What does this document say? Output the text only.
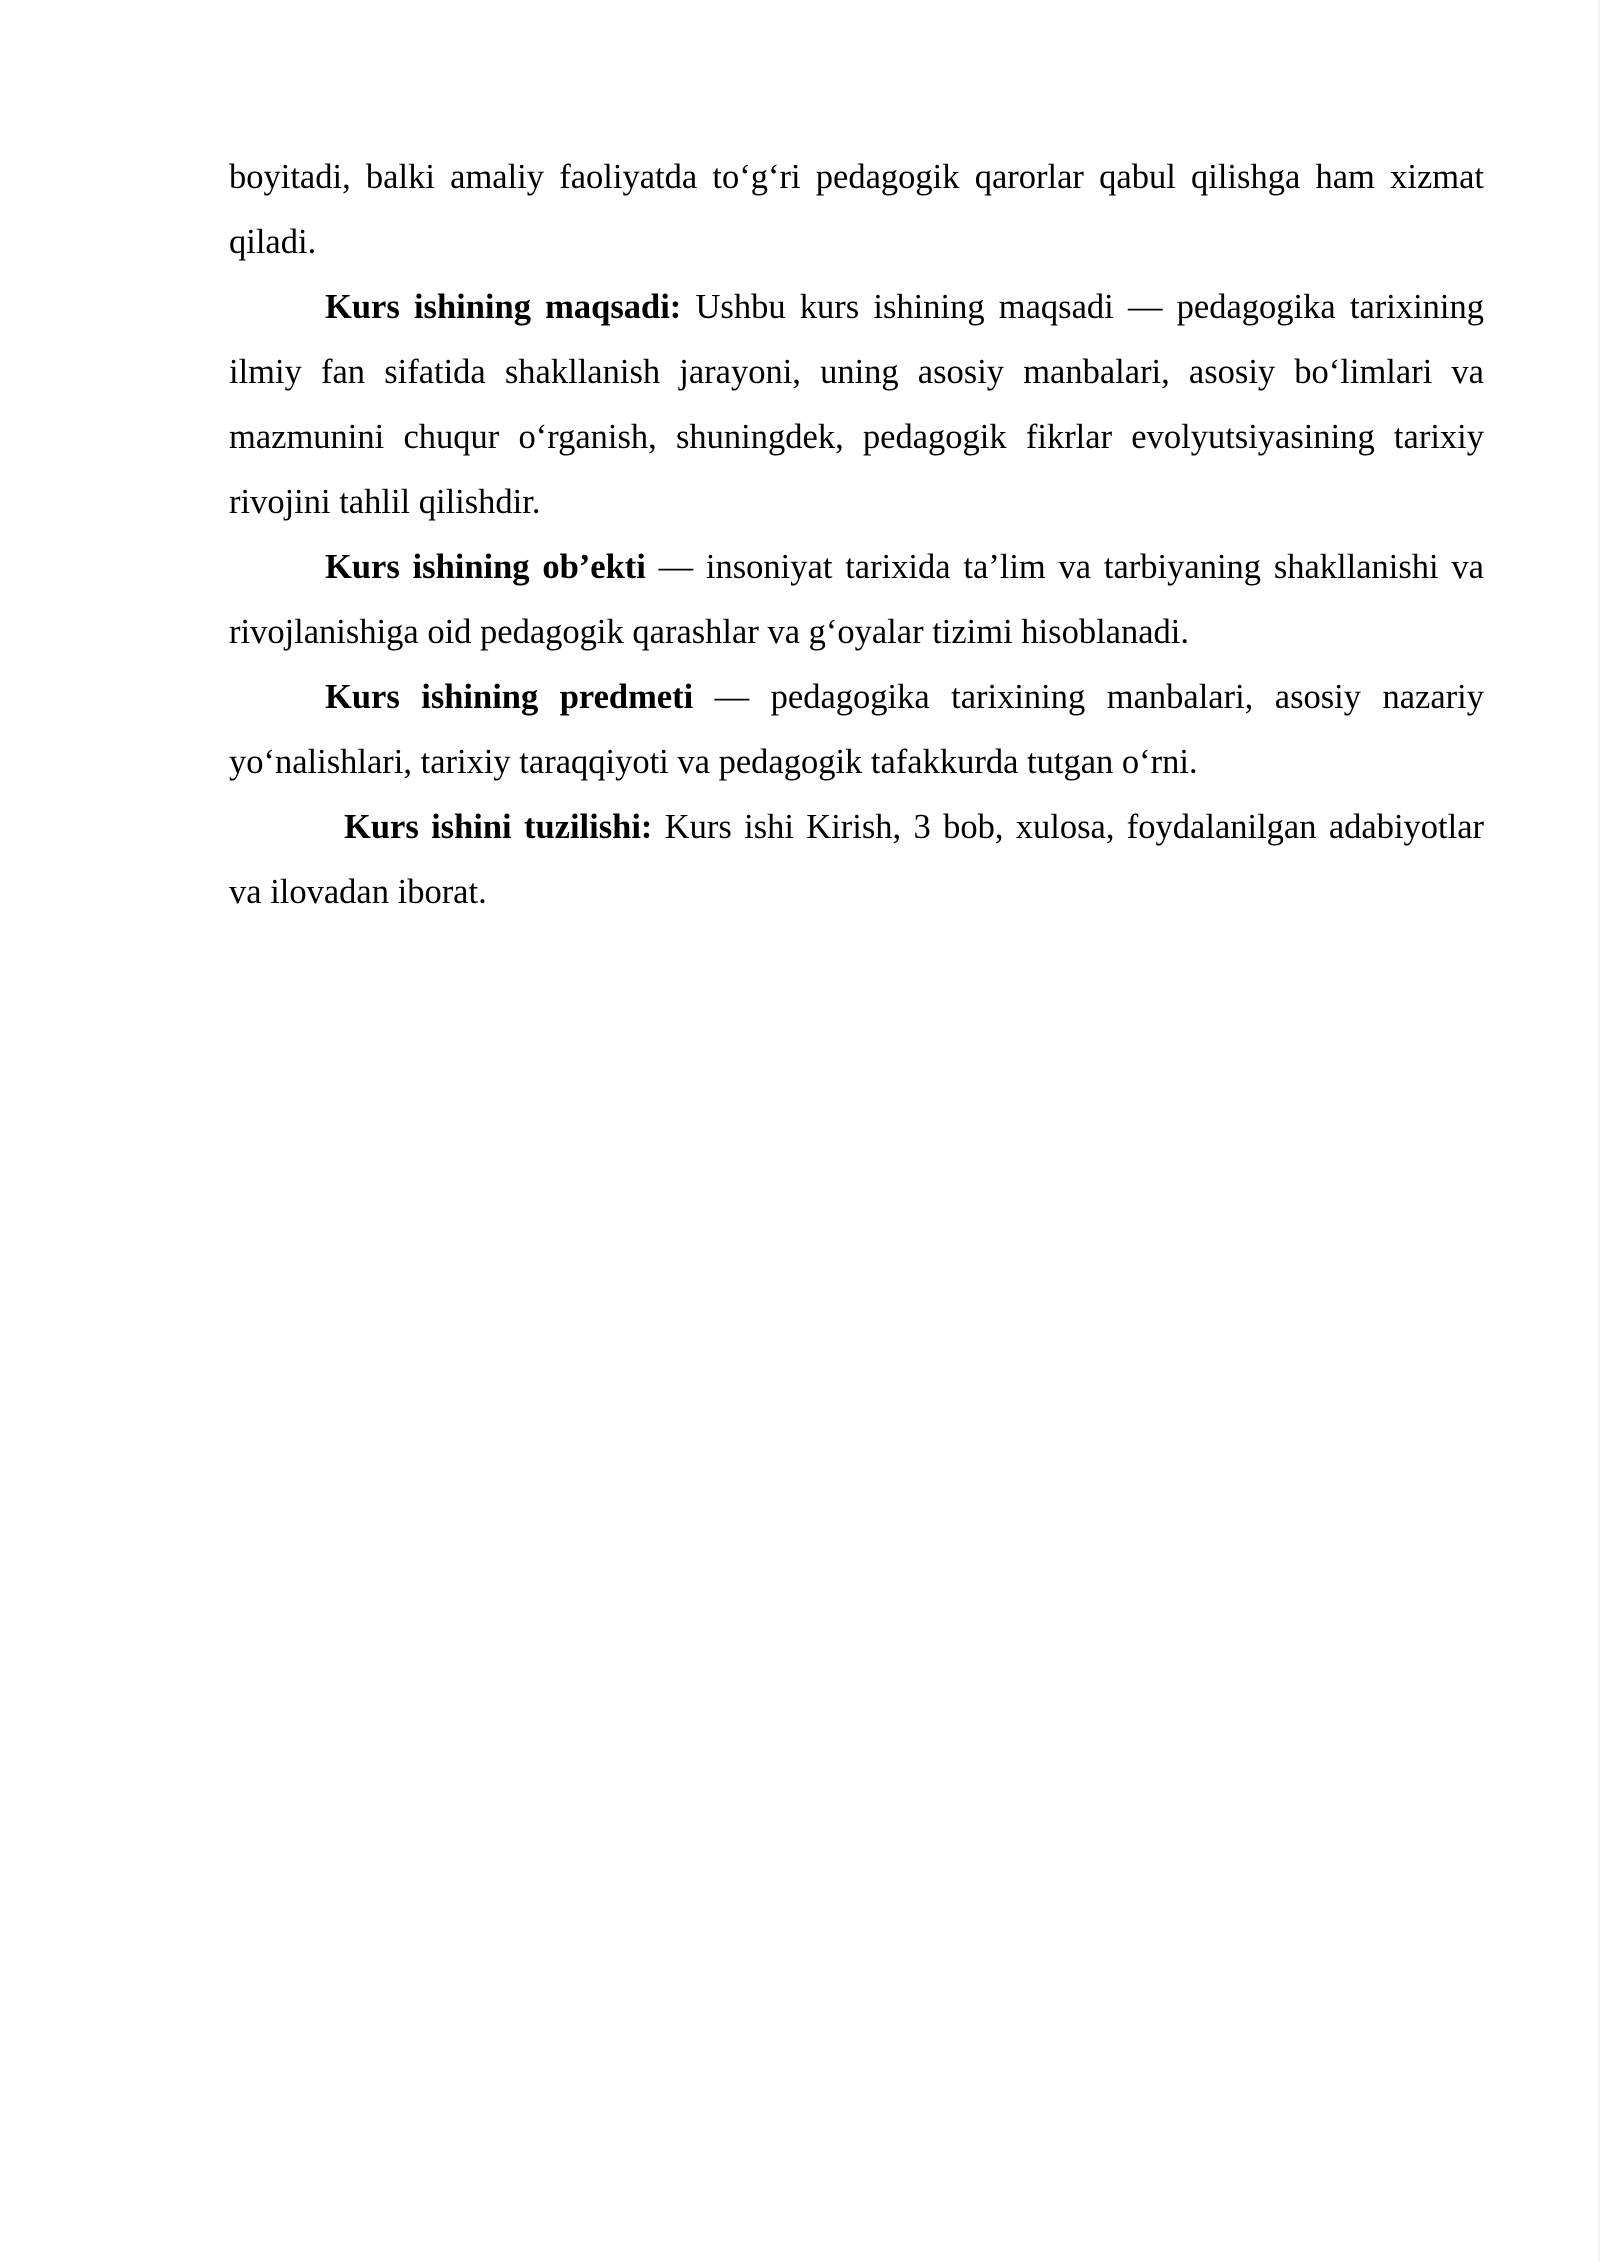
boyitadi, balki amaliy faoliyatda to‘g‘ri pedagogik qarorlar qabul qilishga ham xizmat qiladi.

Kurs ishining maqsadi: Ushbu kurs ishining maqsadi — pedagogika tarixining ilmiy fan sifatida shakllanish jarayoni, uning asosiy manbalari, asosiy bo‘limlari va mazmunini chuqur o‘rganish, shuningdek, pedagogik fikrlar evolyutsiyasining tarixiy rivojini tahlil qilishdir.

Kurs ishining ob’ekti — insoniyat tarixida ta’lim va tarbiyaning shakllanishi va rivojlanishiga oid pedagogik qarashlar va g‘oyalar tizimi hisoblanadi.

Kurs ishining predmeti — pedagogika tarixining manbalari, asosiy nazariy yo‘nalishlari, tarixiy taraqqiyoti va pedagogik tafakkurda tutgan o‘rni.

Kurs ishini tuzilishi: Kurs ishi Kirish, 3 bob, xulosa, foydalanilgan adabiyotlar va ilovadan iborat.
